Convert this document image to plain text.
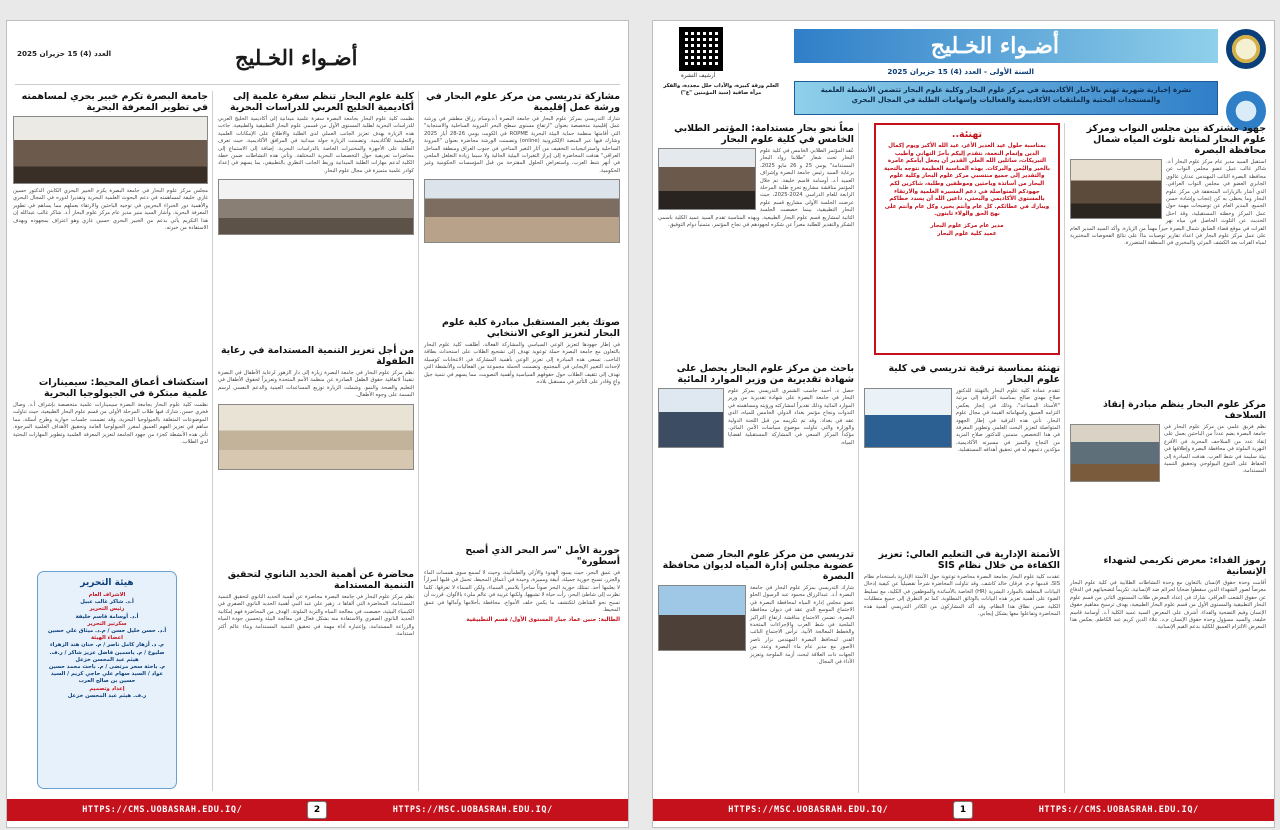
أضـواء الخـليج
العدد (4) 15 حزيران 2025
مشاركة تدريسي من مركز علوم البحار في ورشة عمل إقليمية
شارك التدريسي بمركز علوم البحار في جامعة البصرة أ.د.وسام رزاق مطشر في ورشة عمل إقليمية متخصصة بعنوان "ارتفاع مستوى سطح البحر المرونة الساحلية والاستجابة" التي أقامتها منظمة حماية البيئة البحرية ROPME في الكويت يومي 26-28 أيار 2025 وشارك فيها عبر المنصة الإلكترونية (online) وتضمنت الورشة محاضرة بعنوان "المرونة الساحلية واستراتيجيات التخفيف من آثار التغير المناخي في جنوب العراق ومنطقة الساحل العراقي" هدفت المحاضرة إلى إبراز التغيرات البيئية الحالية ولا سيما زيادة التغلغل الملحي في أنهر شط العرب، واستعراض الحلول المقترحة من قبل المؤسسات الحكومية وغير الحكومية.
صوتك يغير المستقبل مبادرة كلية علوم البحار لتعزيز الوعي الانتخابي
في إطار جهودها لتعزيز الوعي السياسي والمشاركة الفعالة، أطلقت كلية علوم البحار بالتعاون مع جامعة البصرة حملة توعوية تهدف إلى تشجيع الطلاب على استحداث بطاقة الناخب. تسعى هذه المبادرة إلى تعزيز الوعي بأهمية المشاركة في الانتخابات كوسيلة لإحداث التغيير الإيجابي في المجتمع. وتضمنت الحملة مجموعة من الفعاليات والأنشطة التي تهدف إلى تثقيف الطلاب حول حقوقهم السياسية وأهمية التصويت، مما يسهم في تنمية جيل واعٍ وقادر على التأثير في مستقبل بلاده.
حورية الأمل "سر البحر الذي أصبح أسطورة"
في عمق البحر، حيث يسود الهدوء والأزلي والطمأنينة، وحيث لا تُسمع سوى همسات الماء والجزر، تسبح حورية جميلة، أنيقة ومميزة، وحيدة في أعماق المحيط، تحمل في قلبها أسراراً لا يعلمها أحد. تمتلك حورية البحر صوتاً ساحراً يلامس السماء، ولكن السماء لا تعرفها، كلما نظرت إلى شاطئ البحر، رأت حياة لا تشبهها، ولكنها غريبة في عالم مليء بالألوان. قررت أن تسبح نحو الشاطئ لتكتشف ما يكمن خلف الأمواج، محافظة بأحلامها وآمالها في عمق المحيط.
الطالبة: حنين عماد جبار المستوى الأول/ قسم التطبيقية
كلية علوم البحار تنظم سفرة علمية إلى أكاديمية الخليج العربي للدراسات البحرية
نظمت كلية علوم البحار بجامعة البصرة سفرة علمية ميدانية إلى أكاديمية الخليج العربي للدراسات البحرية لطلبة المستوى الأول من قسمي علوم البحار التطبيقية والطبيعية. جاءت هذه الزيارة بهدف تعزيز الجانب العملي لدى الطلبة والاطلاع على الإمكانات العلمية والتعليمية للأكاديمية. وتضمنت الزيارة جولة ميدانية في المرافق الأكاديمية، حيث تعرف الطلبة على الأجهزة والمختبرات الخاصة بالدراسات البحرية. إضافة إلى الاستماع إلى محاضرات تعريفية حول التخصصات البحرية المختلفة. وتأتي هذه النشاطات ضمن خطة الكلية لدعم مهارات الطلبة الميدانية وربط الجانب النظري بالتطبيقي، بما يسهم في إعداد كوادر علمية متميزة في مجال علوم البحار.
من أجل تعزيز التنمية المستدامة في رعاية الطفولة
نظم مركز علوم البحار في جامعة البصرة زيارة إلى دار الزهور لرعاية الأطفال في البصرة تنفيذاً لاتفاقية حقوق الطفل الصادرة عن منظمة الأمم المتحدة وتعزيزاً لحقوق الأطفال في التعليم والصحة والنمو. وشملت الزيارة توزيع المساعدات العينية والدعم النفسي لرسم البسمة على وجوه الأطفال.
محاضرة عن أهمية الحديد النانوي لتحقيق التنمية المستدامة
نظم مركز علوم البحار في جامعة البصرة محاضرة عن أهمية الحديد النانوي لتحقيق التنمية المستدامة. المحاضرة التي ألقاها د. زهير علي عبد النبي أهمية الحديد النانوي الصفري في الكيمياء البيئية، خصصت في معالجة المياه والتربة الملوثة. الهدف من المحاضرة فهم إمكانية الحديد النانوي الصفري والاستفادة منه بشكل فعال في معالجة البيئة وتحسين جودة المياه والزراعة المستدامة، وإعتباره أداة مهمة في تحقيق التنمية المستدامة وبناء عالم أكثر استدامة.
جامعة البصرة تكرم خبير بحري لمساهمته في تطوير المعرفة البحرية
مجلس مركز علوم البحار في جامعة البصرة يكرم الخبير البحري الكابتن الدكتور حسين غازي خليفة لمساهمته في دعم البحوث العلمية البحرية وتقديرا لدوره في المجال البحري والأهمية دور الخبراء البحريين في توجيه الباحثين والارتقاء بعملهم مما يساهم في تطوير المعرفة البحرية. وأشار السيد منير مدير عام مركز علوم البحار أ.د. شاكر غالب عبدالله إن هذا التكريم يأتي بدعم من الخبير البحري حسين غازي وهو اعتراف بمجهوده وبهدف الاستفادة من خبرته.
استكشاف أعماق المحيط: سيمينارات علمية مبتكرة في الجيولوجيا البحرية
نظمت كلية علوم البحار بجامعة البصرة سيمينارات علمية متخصصة بإشراف أ.د. وصال فخري حسن، شارك فيها طلاب المرحلة الأولى من قسم علوم البحار الطبيعية، حيث تناولت الموضوعات المتعلقة بالجيولوجيا البحرية، وقد تضمنت جلسات حوارية وطرح أسئلة، مما ساهم في تعزيز الفهم العميق لمقرر الجيولوجيا العامة وتحقيق الأهداف العلمية المرجوة. تأتي هذه الأنشطة كجزء من جهود الجامعة لتعزيز المعرفة العلمية وتطوير المهارات البحثية لدى الطلاب.
هيئة التحرير
الاشراف العام
أ.د. شاكر غالب عبيل
رئيس التحرير
أ.د. أوسامة قاسم خليفة
سكرتير التحرير
أ.د. حسن خليل حسن / م.د. ميثاق علي حسين
اعضاء الهيئة
م. د. أزهار كامل ناصر / م. حنان هند الزهراء صليوخ / م. ياسمين فاضل عزيز شاكر / ر.ف. هيثم عبد المحسن خزعل
م. باحثة سحر مرتضى / م. باحث محمد حسين عواد / السيد سهام علي حاجي كريم / السيد حسين بن صالح العرب
إعداد وتصميم
ر.ف. هيثم عبد المحسن خزعل
HTTPS://CMS.UOBASRAH.EDU.IQ/	HTTPS://MSC.UOBASRAH.EDU.IQ/
2
أضـواء الخـليج
السنة الأولى - العدد (4) 15 حزيران 2025
نشرة إخبارية شهرية تهتم بالأخبار الأكاديمية في مركز علوم البحار وكلية علوم البحار تتضمن الأنشطة العلمية والمستجدات البحثية والملتقيات الأكاديمية والفعاليات وإسهامات الطلبة في المجال البحري
أرشيف النشرة
العلم ورقة كبيرة، والأداب حلل مجددة، والفكر مرآة صافية (سيد المؤمنين "ع")
جهود مشتركة بين مجلس النواب ومركز علوم البحار لمتابعة تلوث المياه شمال محافظة البصرة
استقبل السيد مدير عام مركز علوم البحار أ.د. شاكر غالب عبيل عضو مجلس النواب عن محافظة البصرة النائب المهندس عدنان عالوي الجابري العضو في مجلس النواب العراقي. الذي أشار بالزيارات المتحققة في مركز علوم البحار وما يحظى به كن إعجاب وإشادة حسن الجميع. المدير العام عن توضيحات مهمة حول عمل المركز وخطته المستقبلية، وقد احتل الحديث عن التلوث الحاصل في مياه نهر الفرات في موقع قضاء الصابق شمال البصرة حيزاً مهماً من الزيارة. وأكد السيد المدير العام على عمل مركز علوم البحار في اعداد تقارير توصيات بناءً على نتائج الفحوصات المختبرية لمياه الفرات بعد الكشف المرئي والمخبري في المنطقة المتضررة.
مركز علوم البحار ينظم مبادرة إنقاذ السلاحف
نظم فريق علمي من مركز علوم البحار في جامعة البصرة بضم عدداً من الباحثين بعمل على إنقاذ عدد من السلاحف المحرية في الأفرع النهرية الملوثة في محافظة البصرة وإطلاقها في بيئة سليمة في شط العرب. هدفت المبادرة إلى الحفاظ على التنوع البيولوجي وتحقيق التنمية المستدامة.
رموز الفداء: معرض تكريمي لشهداء الإنسانية
أقامت وحدة حقوق الإنسان بالتعاون مع وحدة النشاطات الطلابية في كلية علوم البحار معرضاً لصور الشهداء الذين سقطوا ضحايا لحرائم ضد الإنسانية، تكريماً لتضحياتهم في الدفاع عن حقوق الشعب العراقي. شارك في إعداد المعرض طلاب المستوى الثاني من قسم علوم البحار التطبيقية والمستوى الأول من قسم علوم البحار الطبيعية، بهدف ترسيخ مفاهيم حقوق الإنسان وقيم التضحية والفداء. أشرف على المعرض السيد عميد الكلية أ.د. أوسامة قاسم خليفة، والسيد مسؤول وحدة حقوق الإنسان م.د. علاء الدين كريم عبد الكاظم. يعكس هذا المعرض الالتزام العميق للكلية بدعم القيم الإنسانية.
تهنئة..
بمناسبة حلول عيد الغدير الأغر، عيد الله الأكبر ويوم إكمال الدين وإتمام النعمة، نتقدم إليكم بأحرّ التهاني وأطيب التبريكات، سائلين الله العلي القدير أن يجعل أيامكم عامرة بالخير واليُمن والبركات. بهذه المناسبة العظيمة نتوجه بالتحية والتقدير إلى جميع منتسبي مركز علوم البحار وكلية علوم البحار من أساتذة وباحثين وموظفين وطلبة، شاكرين لكم جهودكم المتواصلة في دعم المسيرة العلمية والارتقاء بالمستوى الأكاديمي والبحثي، داعين الله أن يسدد خطاكم ويبارك في عطائكم. كل عام وأنتم بخير، وكل عام وأنتم على نهج الحق والولاء ثابتون.
مدير عام مركز علوم البحار
عميد كلية علوم البحار
تهنئة بمناسبة ترقية تدريسي في كلية علوم البحار
تتقدم عمادة كلية علوم البحار بالتهنئة للدكتور صلاح مهدي صالح بمناسبة الترقية إلى مرتبة "الأستاذ المساعد"، وذلك في إنجاز يعكس التزامه العميق واسهاماته القيمة في مجال علوم البحار. تأتي هذه الترقية في إطار الجهود المتواصلة لتعزيز البحث العلمي وتطوير المعرفة في هذا التخصص. متمنين للدكتور صلاح المزيد من النجاح والتميز في مسيرته الأكاديمية، مؤكدين دعمهم له في تحقيق أهدافه المستقبلية.
الأتمتة الإدارية في التعليم العالي: تعزيز الكفاءة من خلال نظام SIS
عقدت كلية علوم البحار بجامعة البصرة محاضرة توعوية حول الأتمتة الإدارية باستخدام نظام SIS، قدمها م.م. فرقان خالد كاشف. وقد تناولت المحاضرة شرحاً تفصيلياً عن كيفية إدخال البيانات المتعلقة بالموارد البشرية (HR) الخاصة بالأساتذة والموظفين في الكلية، مع تسليط الضوء على أهمية تعزيز هذه البيانات بالوثائق المطلوبة. كما تم التطرق إلى جميع متطلبات الكلية ضمن نطاق هذا النظام، وقد أكد المشاركون من الكادر التدريسي أهمية هذه المحاضرة وتفاعلوا معها بشكل إيجابي.
معاً نحو بحار مستدامة: المؤتمر الطلابي الخامس في كلية علوم البحار
عُقد المؤتمر الطلابي الخامس في كلية علوم البحار تحت شعار "طلابنا رواد البحار المستدامة" يومي 25 و 26 مايو 2025، برعاية السيد رئيس جامعة البصرة وإشراف العميد أ.د. أوسامة قاسم خليفة. تم خلال المؤتمر مناقشة مشاريع تخرج طلبة المرحلة الرابعة للعام الدراسي 2024-2025، حيث عرضت الجلسة الأولى مشاريع قسم علوم البحار التطبيقية، بينما خصصت الجلسة الثانية لمشاريع قسم علوم البحار الطبيعية. وبهذه المناسبة تقدم السيد عميد الكلية باسمي الشكر والتقدير للطلبة معبراً عن شكره لجهودهم في نجاح المؤتمر، متمنياً دوام التوفيق.
باحث من مركز علوم البحار يحصل على شهادة تقديرية من وزير الموارد المائية
حصل د. أحمد جاسب الشمري التدريسي بمركز علوم البحار في جامعة البصرة على شهادة تقديرية من وزير الموارد المائية وذلك تقديراً لمشاركته ورؤيته ومساهمته في الندوات ونجاح مؤتمر بغداد الدولي الخامس للمياه، الذي عقد في بغداد. وقد تم تكريمه من قبل اللجنة الدولية والوزارة والتي تناولت موضوع سياسات الأمن المائي. مؤكداً المركز السعي في المشاركة المستقبلية لقضايا المياه.
تدريسي من مركز علوم البحار ضمن عضوية مجلس إدارة المياه لديوان محافظة البصرة
شارك التدريسي بمركز علوم البحار في جامعة البصرة أ.د. عبدالرزاق محمود عبد الرسول الحلو عضو مجلس إدارة المياه لمحافظة البصرة في الاجتماع الموسع الذي عقد في ديوان محافظة البصرة. تضمن الاجتماع مناقشة ارتفاع التراكيز الملحية في شط العرب والإجراءات المتخذة والخطط المعالجة الآنية. ترأس الاجتماع النائب الفني لمحافظ البصرة المهندس نزار ناصر الأصور مع مدير عام ماء البصرة وعدد من الجهات ذات العلاقة لبحث أزمة الملوحة وتعزيز الأداء في المجال.
HTTPS://MSC.UOBASRAH.EDU.IQ/	HTTPS://CMS.UOBASRAH.EDU.IQ/
1
